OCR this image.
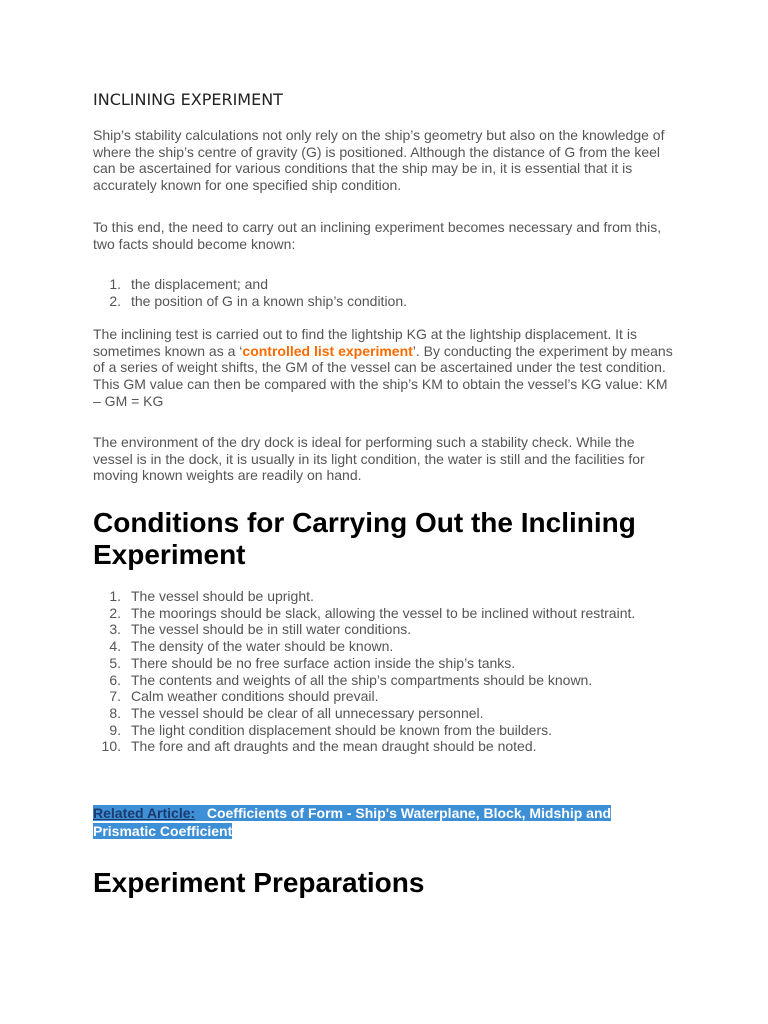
INCLINING EXPERIMENT

Ship’s stability calculations not only rely on the ship’s geometry but also on the knowledge of where the ship’s centre of gravity (G) is positioned. Although the distance of G from the keel can be ascertained for various conditions that the ship may be in, it is essential that it is accurately known for one specified ship condition.

To this end, the need to carry out an inclining experiment becomes necessary and from this, two facts should become known:

1. the displacement; and
2. the position of G in a known ship’s condition.

The inclining test is carried out to find the lightship KG at the lightship displacement. It is sometimes known as a ‘controlled list experiment’. By conducting the experiment by means of a series of weight shifts, the GM of the vessel can be ascertained under the test condition. This GM value can then be compared with the ship’s KM to obtain the vessel’s KG value: KM – GM = KG

The environment of the dry dock is ideal for performing such a stability check. While the vessel is in the dock, it is usually in its light condition, the water is still and the facilities for moving known weights are readily on hand.

Conditions for Carrying Out the Inclining Experiment
1. The vessel should be upright.
2. The moorings should be slack, allowing the vessel to be inclined without restraint.
3. The vessel should be in still water conditions.
4. The density of the water should be known.
5. There should be no free surface action inside the ship’s tanks.
6. The contents and weights of all the ship’s compartments should be known.
7. Calm weather conditions should prevail.
8. The vessel should be clear of all unnecessary personnel.
9. The light condition displacement should be known from the builders.
10. The fore and aft draughts and the mean draught should be noted.
Related Article: Coefficients of Form - Ship's Waterplane, Block, Midship and Prismatic Coefficient
Experiment Preparations
